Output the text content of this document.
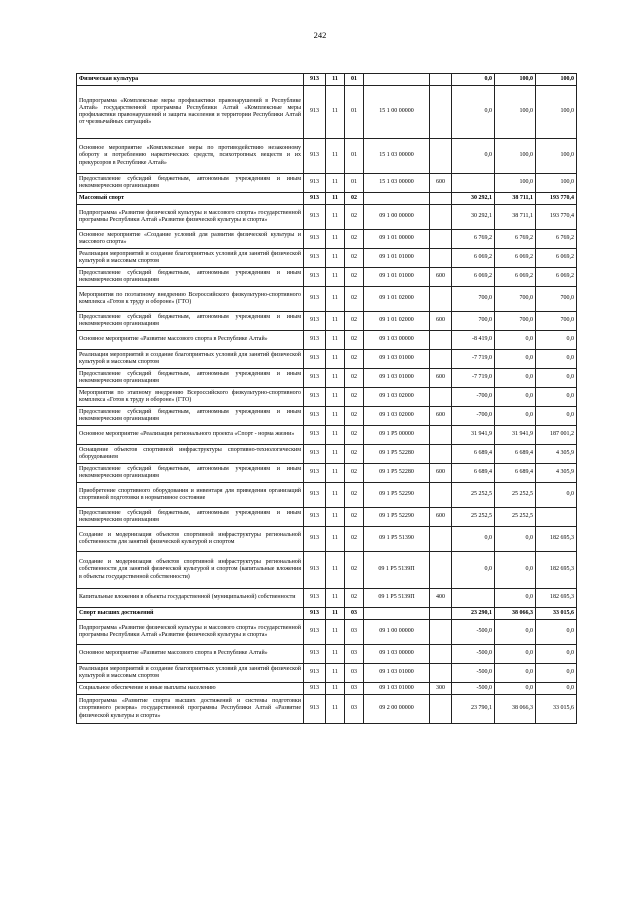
242
Физическая культура	913	11	01			0,0	100,0	100,0
Подпрограмма «Комплексные меры профилактики правонарушений в Республике Алтай» государственной программы Республики Алтай «Комплексные меры профилактики правонарушений и защита населения и территории Республики Алтай от чрезвычайных ситуаций»	913	11	01	15 1 00 00000		0,0	100,0	100,0
Основное мероприятие «Комплексные меры по противодействию незаконному обороту и потреблению наркотических средств, психотропных веществ и их прекурсоров в Республике Алтай»	913	11	01	15 1 03 00000		0,0	100,0	100,0
Предоставление субсидий бюджетным, автономным учреждениям и иным некоммерческим организациям	913	11	01	15 1 03 00000	600		100,0	100,0
Массовый спорт	913	11	02			30 292,1	38 711,1	193 770,4
Подпрограмма «Развитие физической культуры и массового спорта» государственной программы Республики Алтай «Развитие физической культуры и спорта»	913	11	02	09 1 00 00000		30 292,1	38 711,1	193 770,4
Основное мероприятие «Создание условий для развития физической культуры и массового спорта»	913	11	02	09 1 01 00000		6 769,2	6 769,2	6 769,2
Реализация мероприятий и создание благоприятных условий для занятий физической культурой и массовым спортом	913	11	02	09 1 01 01000		6 069,2	6 069,2	6 069,2
Предоставление субсидий бюджетным, автономным учреждениям и иным некоммерческим организациям	913	11	02	09 1 01 01000	600	6 069,2	6 069,2	6 069,2
Мероприятия по поэтапному внедрению Всероссийского физкультурно-спортивного комплекса «Готов к труду и обороне» (ГТО)	913	11	02	09 1 01 02000		700,0	700,0	700,0
Предоставление субсидий бюджетным, автономным учреждениям и иным некоммерческим организациям	913	11	02	09 1 01 02000	600	700,0	700,0	700,0
Основное мероприятие «Развитие массового спорта в Республике Алтай»	913	11	02	09 1 03 00000		-8 419,0	0,0	0,0
Реализация мероприятий и создание благоприятных условий для занятий физической культурой и массовым спортом	913	11	02	09 1 03 01000		-7 719,0	0,0	0,0
Предоставление субсидий бюджетным, автономным учреждениям и иным некоммерческим организациям	913	11	02	09 1 03 01000	600	-7 719,0	0,0	0,0
Мероприятия по этапному внедрению Всероссийского физкультурно-спортивного комплекса «Готов к труду и обороне» (ГТО)	913	11	02	09 1 03 02000		-700,0	0,0	0,0
Предоставление субсидий бюджетным, автономным учреждениям и иным некоммерческим организациям	913	11	02	09 1 03 02000	600	-700,0	0,0	0,0
Основное мероприятие «Реализация регионального проекта «Спорт - норма жизни»	913	11	02	09 1 P5 00000		31 941,9	31 941,9	187 001,2
Оснащение объектов спортивной инфраструктуры спортивно-технологическим оборудованием	913	11	02	09 1 P5 52280		6 689,4	6 689,4	4 305,9
Предоставление субсидий бюджетным, автономным учреждениям и иным некоммерческим организациям	913	11	02	09 1 P5 52280	600	6 689,4	6 689,4	4 305,9
Приобретение спортивного оборудования и инвентаря для приведения организаций спортивной подготовки в нормативное состояние	913	11	02	09 1 P5 52290		25 252,5	25 252,5	0,0
Предоставление субсидий бюджетным, автономным учреждениям и иным некоммерческим организациям	913	11	02	09 1 P5 52290	600	25 252,5	25 252,5	
Создание и модернизация объектов спортивной инфраструктуры региональной собственности для занятий физической культурой и спортом	913	11	02	09 1 P5 51390		0,0	0,0	182 695,3
Создание и модернизация объектов спортивной инфраструктуры региональной собственности для занятий физической культурой и спортом (капитальные вложения в объекты государственной собственности)	913	11	02	09 1 P5 5139П		0,0	0,0	182 695,3
Капитальные вложения в объекты государственной (муниципальной) собственности	913	11	02	09 1 P5 5139П	400		0,0	182 695,3
Спорт высших достижений	913	11	03			23 290,1	38 066,3	33 015,6
Подпрограмма «Развитие физической культуры и массового спорта» государственной программы Республики Алтай «Развитие физической культуры и спорта»	913	11	03	09 1 00 00000		-500,0	0,0	0,0
Основное мероприятие «Развитие массового спорта в Республике Алтай»	913	11	03	09 1 03 00000		-500,0	0,0	0,0
Реализация мероприятий и создание благоприятных условий для занятий физической культурой и массовым спортом	913	11	03	09 1 03 01000		-500,0	0,0	0,0
Социальное обеспечение и иные выплаты населению	913	11	03	09 1 03 01000	300	-500,0	0,0	0,0
Подпрограмма «Развитие спорта высших достижений и системы подготовки спортивного резерва» государственной программы Республики Алтай «Развитие физической культуры и спорта»	913	11	03	09 2 00 00000		23 790,1	38 066,3	33 015,6
